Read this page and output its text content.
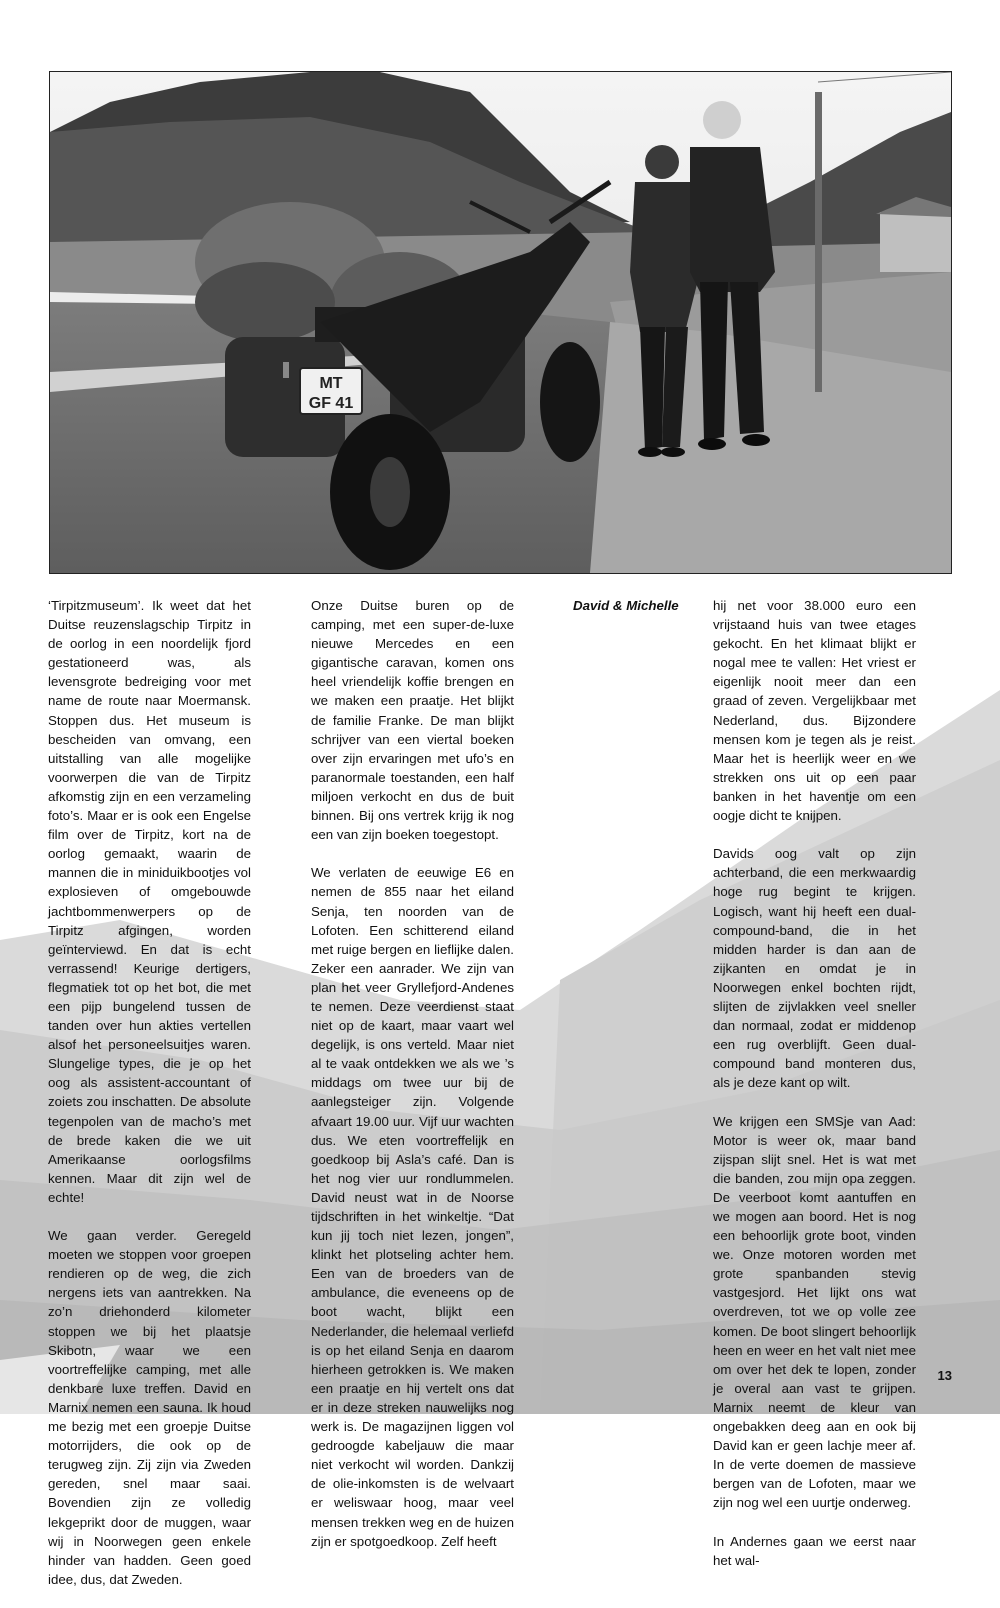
MT
GF 41

‘Tirpitzmuseum’. Ik weet dat het Duitse reuzenslagschip Tirpitz in de oorlog in een noordelijk fjord gestationeerd was, als levensgrote bedreiging voor met name de route naar Moermansk. Stoppen dus. Het museum is bescheiden van omvang, een uitstalling van alle mogelijke voorwerpen die van de Tirpitz afkomstig zijn en een verzameling foto’s. Maar er is ook een Engelse film over de Tirpitz, kort na de oorlog gemaakt, waarin de mannen die in miniduikbootjes vol explosieven of omgebouwde jachtbommenwerpers op de Tirpitz afgingen, worden geïnterviewd. En dat is echt verrassend! Keurige dertigers, flegmatiek tot op het bot, die met een pijp bungelend tussen de tanden over hun akties vertellen alsof het personeelsuitjes waren. Slungelige types, die je op het oog als assistent-accountant of zoiets zou inschatten. De absolute tegenpolen van de macho’s met de brede kaken die we uit Amerikaanse oorlogsfilms kennen. Maar dit zijn wel de echte!

We gaan verder. Geregeld moeten we stoppen voor groepen rendieren op de weg, die zich nergens iets van aantrekken. Na zo’n driehonderd kilometer stoppen we bij het plaatsje Skibotn, waar we een voortreffelijke camping, met alle denkbare luxe treffen. David en Marnix nemen een sauna. Ik houd me bezig met een groepje Duitse motorrijders, die ook op de terugweg zijn. Zij zijn via Zweden gereden, snel maar saai. Bovendien zijn ze volledig lekgeprikt door de muggen, waar wij in Noorwegen geen enkele hinder van hadden. Geen goed idee, dus, dat Zweden.

Onze Duitse buren op de camping, met een super-de-luxe nieuwe Mercedes en een gigantische caravan, komen ons heel vriendelijk koffie brengen en we maken een praatje. Het blijkt de familie Franke. De man blijkt schrijver van een viertal boeken over zijn ervaringen met ufo’s en paranormale toestanden, een half miljoen verkocht en dus de buit binnen. Bij ons vertrek krijg ik nog een van zijn boeken toegestopt.

We verlaten de eeuwige E6 en nemen de 855 naar het eiland Senja, ten noorden van de Lofoten. Een schitterend eiland met ruige bergen en lieflijke dalen. Zeker een aanrader. We zijn van plan het veer Gryllefjord-Andenes te nemen. Deze veerdienst staat niet op de kaart, maar vaart wel degelijk, is ons verteld. Maar niet al te vaak ontdekken we als we ’s middags om twee uur bij de aanlegsteiger zijn. Volgende afvaart 19.00 uur. Vijf uur wachten dus. We eten voortreffelijk en goedkoop bij Asla’s café. Dan is het nog vier uur rondlummelen. David neust wat in de Noorse tijdschriften in het winkeltje. “Dat kun jij toch niet lezen, jongen”, klinkt het plotseling achter hem. Een van de broeders van de ambulance, die eveneens op de boot wacht, blijkt een Nederlander, die helemaal verliefd is op het eiland Senja en daarom hierheen getrokken is. We maken een praatje en hij vertelt ons dat er in deze streken nauwelijks nog werk is. De magazijnen liggen vol gedroogde kabeljauw die maar niet verkocht wil worden. Dankzij de olie-inkomsten is de welvaart er weliswaar hoog, maar veel mensen trekken weg en de huizen zijn er spotgoedkoop. Zelf heeft

David & Michelle	hij net voor 38.000 euro een vrijstaand huis van twee etages gekocht. En het klimaat blijkt er nogal mee te vallen: Het vriest er eigenlijk nooit meer dan een graad of zeven. Vergelijkbaar met Nederland, dus. Bijzondere mensen kom je tegen als je reist. Maar het is heerlijk weer en we strekken ons uit op een paar banken in het haventje om een oogje dicht te knijpen.

Davids oog valt op zijn achterband, die een merkwaardig hoge rug begint te krijgen. Logisch, want hij heeft een dual-compound-band, die in het midden harder is dan aan de zijkanten en omdat je in Noorwegen enkel bochten rijdt, slijten de zijvlakken veel sneller dan normaal, zodat er middenop een rug overblijft. Geen dual-compound band monteren dus, als je deze kant op wilt.

We krijgen een SMSje van Aad: Motor is weer ok, maar band zijspan slijt snel. Het is wat met die banden, zou mijn opa zeggen. De veerboot komt aantuffen en we mogen aan boord. Het is nog een behoorlijk grote boot, vinden we. Onze motoren worden met grote spanbanden stevig vastgesjord. Het lijkt ons wat overdreven, tot we op volle zee komen. De boot slingert behoorlijk heen en weer en het valt niet mee om over het dek te lopen, zonder je overal aan vast te grijpen. Marnix neemt de kleur van ongebakken deeg aan en ook bij David kan er geen lachje meer af. In de verte doemen de massieve bergen van de Lofoten, maar we zijn nog wel een uurtje onderweg.

In Andernes gaan we eerst naar het wal-

13
